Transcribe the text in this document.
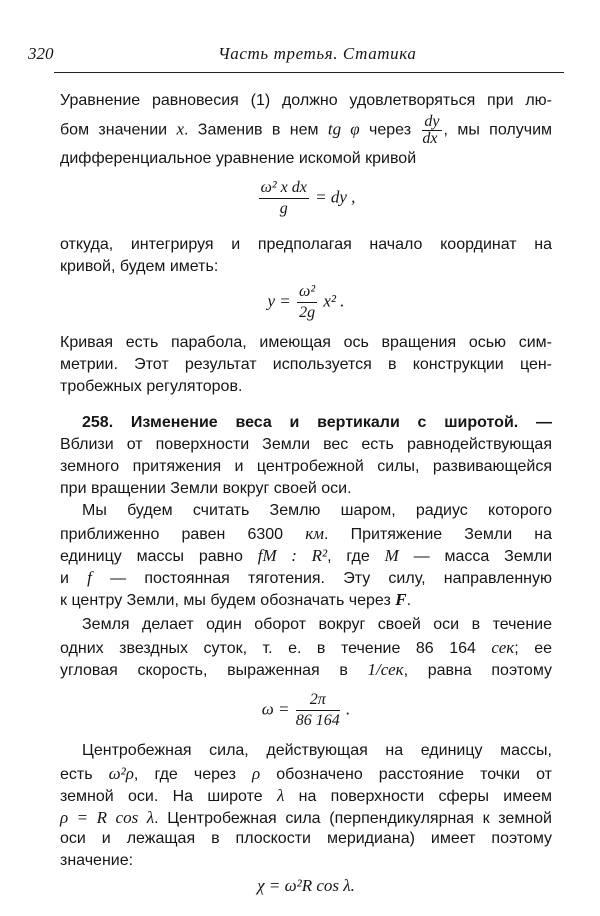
320	Часть третья. Статика
Уравнение равновесия (1) должно удовлетворяться при лю-
бом значении x. Заменив в нем tg φ через $\frac{dy}{dx}$ , мы получим
дифференциальное уравнение искомой кривой
$\frac{\text{ω² x dx}}{g}$ = dy ,
откуда, интегрируя и предполагая начало координат на
кривой, будем иметь:
$y = \frac{\text{ω²}}{2g} x^2$ .
Кривая есть парабола, имеющая ось вращения осью сим-
метрии. Этот результат используется в конструкции цен-
тробежных регуляторов.
258. Изменение веса и вертикали с широтой. —
Вблизи от поверхности Земли вес есть равнодействующая
земного притяжения и центробежной силы, развивающейся
при вращении Земли вокруг своей оси.
Мы будем считать Землю шаром, радиус которого
приближенно равен 6300 км. Притяжение Земли на
единицу массы равно fM : R², где M — масса Земли
и f — постоянная тяготения. Эту силу, направленную
к центру Земли, мы будем обозначать через F.
Земля делает один оборот вокруг своей оси в течение
одних звездных суток, т. е. в течение 86 164 сек; ее
угловая скорость, выраженная в 1/сек, равна поэтому
$\omega = \frac{2\pi}{86 164}$ .
Центробежная сила, действующая на единицу массы,
есть ω²ρ, где через ρ обозначено расстояние точки от
земной оси. На широте λ на поверхности сферы имеем
ρ = R cos λ. Центробежная сила (перпендикулярная к земной
оси и лежащая в плоскости меридиана) имеет поэтому
значение:
χ = ω²R cos λ.
